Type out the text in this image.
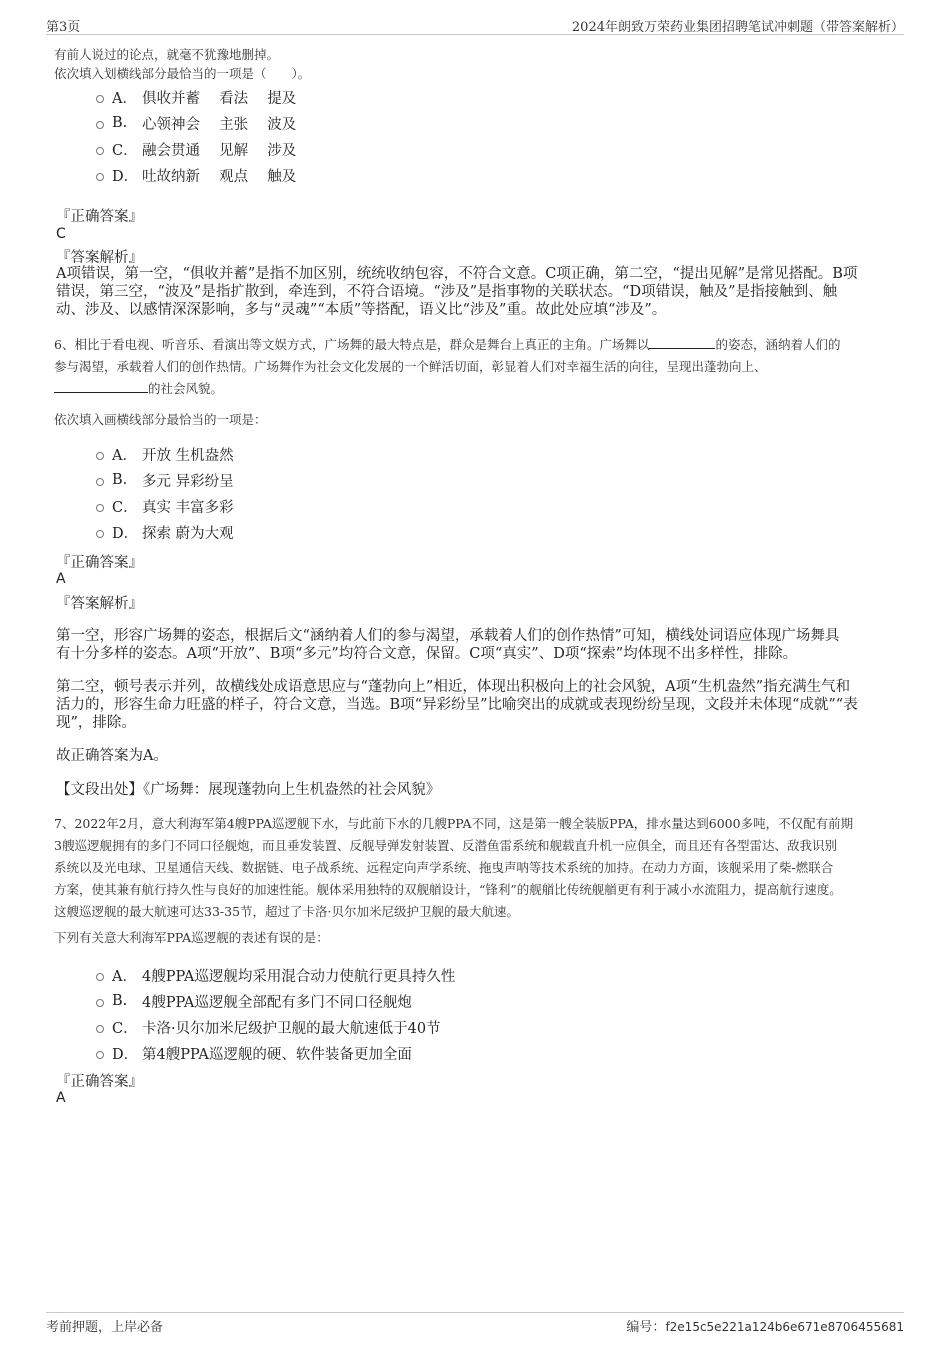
第3页	2024年朗致万荣药业集团招聘笔试冲刺题（带答案解析）
有前人说过的论点，就毫不犹豫地删掉。
依次填入划横线部分最恰当的一项是（　　）。
A． 俱收并蓄　 看法　 提及
B.	心领神会　 主张　 波及
C． 融会贯通　 见解　 涉及
D． 吐故纳新　 观点　 触及
『正确答案』
C
『答案解析』
A项错误，第一空，“俱收并蓄”是指不加区别，统统收纳包容，不符合文意。C项正确，第二空，“提出见解”是常见搭配。B项
错误，第三空，“波及”是指扩散到，牵连到，不符合语境。“涉及”是指事物的关联状态。“D项错误，触及”是指接触到、触
动、涉及、以感情深深影响，多与“灵魂”“本质”等搭配，语义比“涉及”重。故此处应填“涉及”。
6、相比于看电视、听音乐、看演出等文娱方式，广场舞的最大特点是，群众是舞台上真正的主角。广场舞以	的姿态，涵纳着人们的
参与渴望，承载着人们的创作热情。广场舞作为社会文化发展的一个鲜活切面，彰显着人们对幸福生活的向往，呈现出蓬勃向上、
的社会风貌。
依次填入画横线部分最恰当的一项是：
A． 开放 生机盎然
B.	多元 异彩纷呈
C． 真实 丰富多彩
D． 探索 蔚为大观
『正确答案』
A
『答案解析』
第一空，形容广场舞的姿态，根据后文“涵纳着人们的参与渴望，承载着人们的创作热情”可知，横线处词语应体现广场舞具
有十分多样的姿态。A项“开放”、B项“多元”均符合文意，保留。C项“真实”、D项“探索”均体现不出多样性，排除。
第二空，顿号表示并列，故横线处成语意思应与“蓬勃向上”相近，体现出积极向上的社会风貌，A项“生机盎然”指充满生气和
活力的，形容生命力旺盛的样子，符合文意，当选。B项“异彩纷呈”比喻突出的成就或表现纷纷呈现，文段并未体现“成就”“表
现”，排除。
故正确答案为A。
【文段出处】《广场舞：展现蓬勃向上生机盎然的社会风貌》
7、2022年2月，意大利海军第4艘PPA巡逻舰下水，与此前下水的几艘PPA不同，这是第一艘全装版PPA，排水量达到6000多吨，不仅配有前期
3艘巡逻舰拥有的多门不同口径舰炮，而且垂发装置、反舰导弹发射装置、反潜鱼雷系统和舰载直升机一应俱全，而且还有各型雷达、敌我识别
系统以及光电球、卫星通信天线、数据链、电子战系统、远程定向声学系统、拖曳声呐等技术系统的加持。在动力方面，该舰采用了柴-燃联合
方案，使其兼有航行持久性与良好的加速性能。舰体采用独特的双舰艏设计，“锋利”的舰艏比传统舰艏更有利于减小水流阻力，提高航行速度。
这艘巡逻舰的最大航速可达33-35节，超过了卡洛·贝尔加米尼级护卫舰的最大航速。
下列有关意大利海军PPA巡逻舰的表述有误的是：
A． 4艘PPA巡逻舰均采用混合动力使航行更具持久性
B.	4艘PPA巡逻舰全部配有多门不同口径舰炮
C． 卡洛·贝尔加米尼级护卫舰的最大航速低于40节
D． 第4艘PPA巡逻舰的硬、软件装备更加全面
『正确答案』
A
考前押题，上岸必备	编号：f2e15c5e221a124b6e671e8706455681
